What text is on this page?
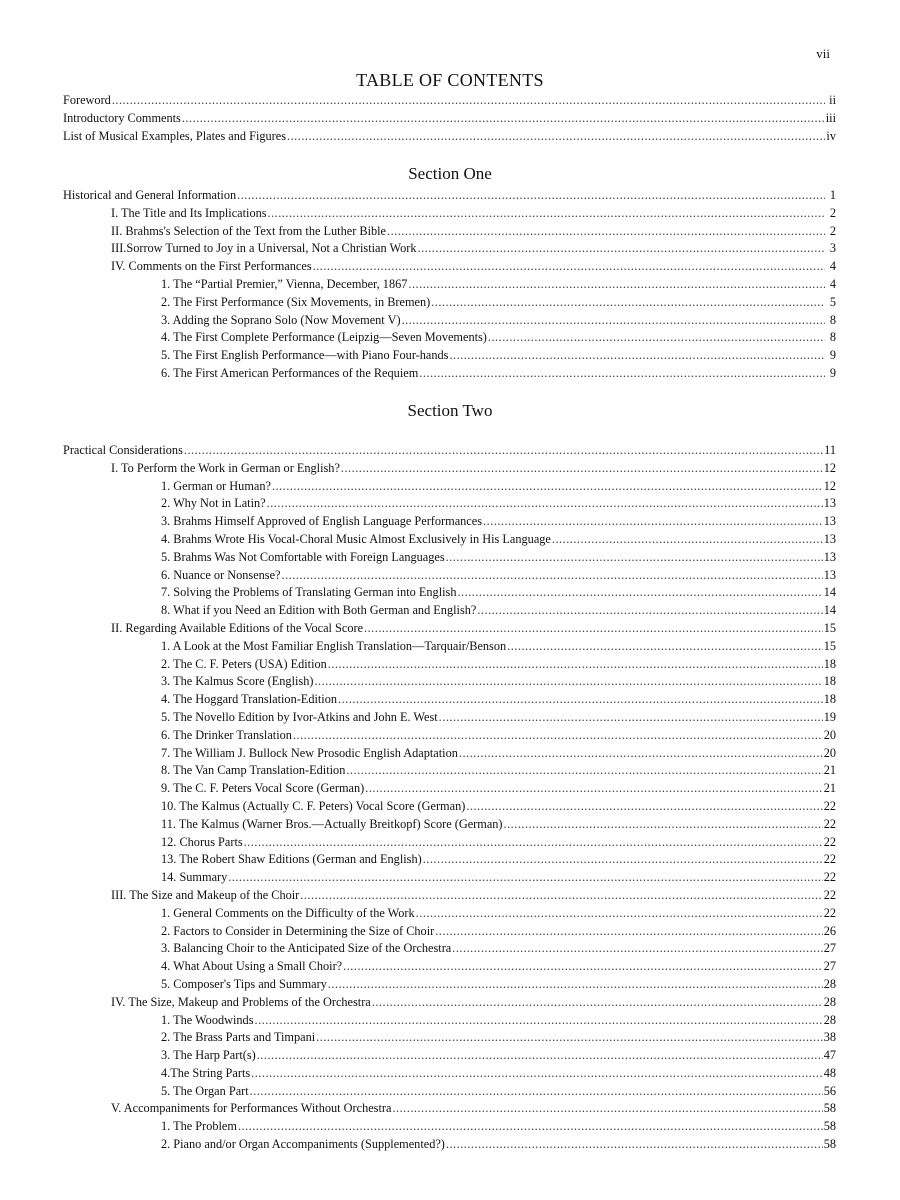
vii
TABLE OF CONTENTS
Foreword .....	ii
Introductory Comments .....	iii
List of Musical Examples, Plates and Figures .....	iv
Section One
Historical and General Information .....	1
I. The Title and Its Implications .....	2
II. Brahms's Selection of the Text from the Luther Bible .....	2
III.Sorrow Turned to Joy in a Universal, Not a Christian Work .....	3
IV. Comments on the First Performances .....	4
1. The “Partial Premier,” Vienna, December, 1867 .....	4
2. The First Performance (Six Movements, in Bremen) .....	5
3. Adding the Soprano Solo (Now Movement V) .....	8
4. The First Complete Performance (Leipzig—Seven Movements) .....	8
5. The First English Performance—with Piano Four-hands .....	9
6. The First American Performances of the Requiem .....	9
Section Two
Practical Considerations .....	11
I. To Perform the Work in German or English? .....	12
1. German or Human? .....	12
2. Why Not in Latin? .....	13
3. Brahms Himself Approved of English Language Performances .....	13
4. Brahms Wrote His Vocal-Choral Music Almost Exclusively in His Language .....	13
5. Brahms Was Not Comfortable with Foreign Languages .....	13
6. Nuance or Nonsense? .....	13
7. Solving the Problems of Translating German into English .....	14
8. What if you Need an Edition with Both German and English? .....	14
II. Regarding Available Editions of the Vocal Score .....	15
1. A Look at the Most Familiar English Translation—Tarquair/Benson .....	15
2. The C. F. Peters (USA) Edition .....	18
3. The Kalmus Score (English) .....	18
4. The Hoggard Translation-Edition .....	18
5. The Novello Edition by Ivor-Atkins and John E. West .....	19
6. The Drinker Translation .....	20
7. The William J. Bullock New Prosodic English Adaptation .....	20
8. The Van Camp Translation-Edition .....	21
9. The C. F. Peters Vocal Score (German) .....	21
10. The Kalmus (Actually C. F. Peters) Vocal Score (German) .....	22
11. The Kalmus (Warner Bros.—Actually Breitkopf) Score (German) .....	22
12. Chorus Parts .....	22
13. The Robert Shaw Editions (German and English) .....	22
14. Summary .....	22
III. The Size and Makeup of the Choir .....	22
1. General Comments on the Difficulty of the Work .....	22
2. Factors to Consider in Determining the Size of Choir .....	26
3. Balancing Choir to the Anticipated Size of the Orchestra .....	27
4. What About Using a Small Choir? .....	27
5. Composer's Tips and Summary .....	28
IV. The Size, Makeup and Problems of the Orchestra .....	28
1. The Woodwinds .....	28
2. The Brass Parts and Timpani .....	38
3. The Harp Part(s) .....	47
4.The String Parts .....	48
5. The Organ Part .....	56
V. Accompaniments for Performances Without Orchestra .....	58
1. The Problem .....	58
2. Piano and/or Organ Accompaniments (Supplemented?) .....	58
